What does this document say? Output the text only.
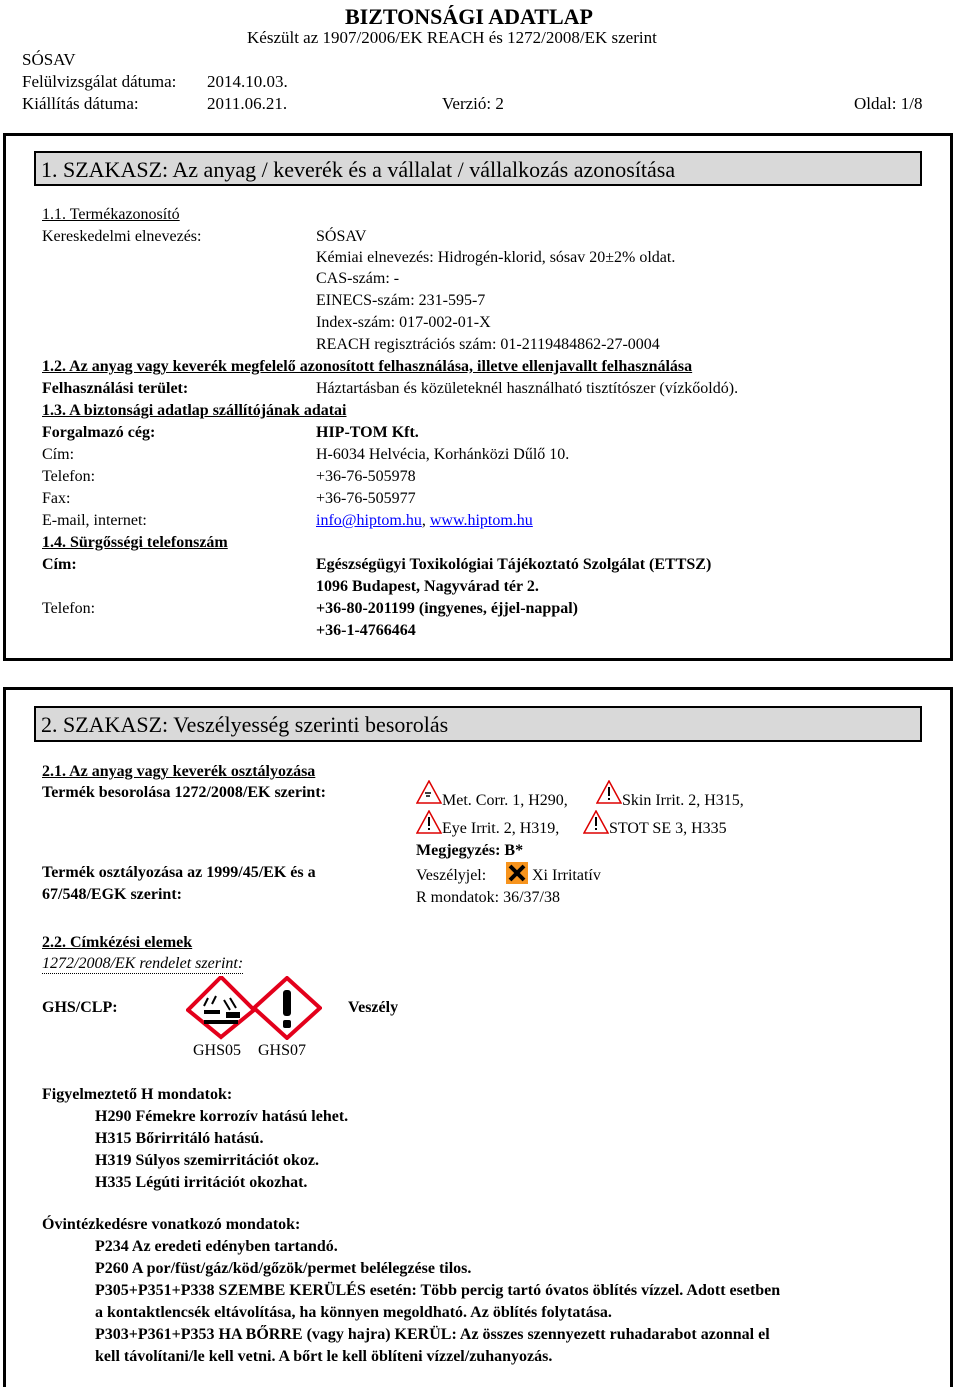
BIZTONSÁGI ADATLAP
Készült az 1907/2006/EK REACH és 1272/2008/EK szerint
SÓSAV
Felülvizsgálat dátuma: 2014.10.03.
Kiállítás dátuma:	2011.06.21.	Verzió: 2	Oldal: 1/8
1. SZAKASZ: Az anyag / keverék és a vállalat / vállalkozás azonosítása
1.1. Termékazonosító
Kereskedelmi elnevezés:	SÓSAV
Kémiai elnevezés: Hidrogén-klorid, sósav 20±2% oldat.
CAS-szám: -
EINECS-szám: 231-595-7
Index-szám: 017-002-01-X
REACH regisztrációs szám: 01-2119484862-27-0004
1.2. Az anyag vagy keverék megfelelő azonosított felhasználása, illetve ellenjavallt felhasználása
Felhasználási terület:	Háztartásban és közületeknél használható tisztítószer (vízkőoldó).
1.3. A biztonsági adatlap szállítójának adatai
Forgalmazó cég:	HIP-TOM Kft.
Cím:	H-6034 Helvécia, Korhánközi Dűlő 10.
Telefon:	+36-76-505978
Fax:	+36-76-505977
E-mail, internet:	info@hiptom.hu, www.hiptom.hu
1.4. Sürgősségi telefonszám
Cím:	Egészségügyi Toxikológiai Tájékoztató Szolgálat (ETTSZ)
1096 Budapest, Nagyvárad tér 2.
Telefon:	+36-80-201199 (ingyenes, éjjel-nappal)
+36-1-4766464
2. SZAKASZ: Veszélyesség szerinti besorolás
2.1. Az anyag vagy keverék osztályozása
Termék besorolása 1272/2008/EK szerint:	Met. Corr. 1, H290,	Skin Irrit. 2, H315,
Eye Irrit. 2, H319,	STOT SE 3, H335
Megjegyzés: B*
Termék osztályozása az 1999/45/EK és a
67/548/EGK szerint:
Veszélyjel:	Xi Irritatív
R mondatok: 36/37/38
2.2. Címkézési elemek
1272/2008/EK rendelet szerint:
GHS/CLP:	Veszély
GHS05 GHS07
Figyelmeztető H mondatok:
H290 Fémekre korrozív hatású lehet.
H315 Bőrirritáló hatású.
H319 Súlyos szemirritációt okoz.
H335 Légúti irritációt okozhat.
Óvintézkedésre vonatkozó mondatok:
P234 Az eredeti edényben tartandó.
P260 A por/füst/gáz/köd/gőzök/permet belélegzése tilos.
P305+P351+P338 SZEMBE KERÜLÉS esetén: Több percig tartó óvatos öblítés vízzel. Adott esetben
a kontaktlencsék eltávolítása, ha könnyen megoldható. Az öblítés folytatása.
P303+P361+P353 HA BŐRRE (vagy hajra) KERÜL: Az összes szennyezett ruhadarabot azonnal el
kell távolítani/le kell vetni. A bőrt le kell öblíteni vízzel/zuhanyozás.
